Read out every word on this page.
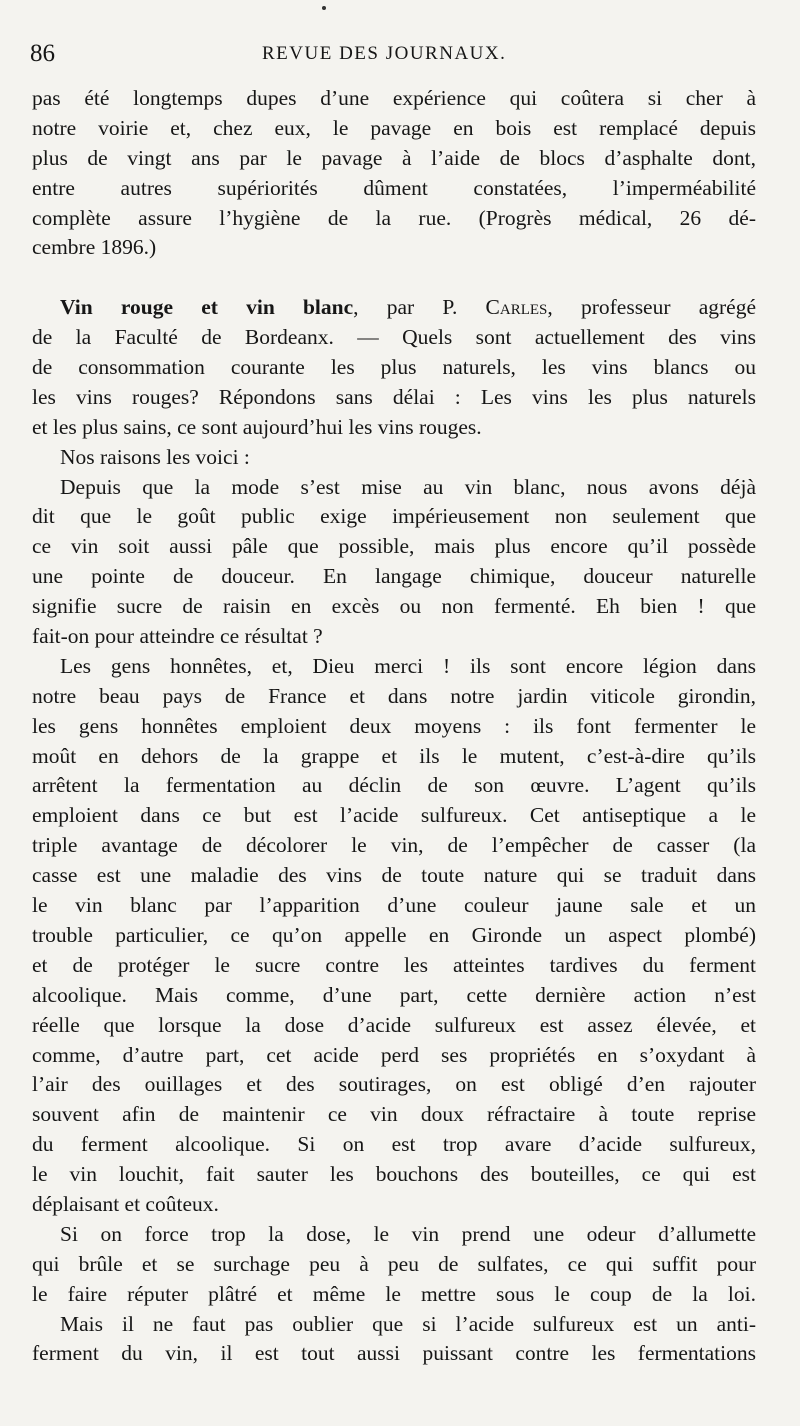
86	REVUE DES JOURNAUX.
pas été longtemps dupes d’une expérience qui coûtera si cher à
notre voirie et, chez eux, le pavage en bois est remplacé depuis
plus de vingt ans par le pavage à l’aide de blocs d’asphalte dont,
entre autres supériorités dûment constatées, l’imperméabilité
complète assure l’hygiène de la rue. (Progrès médical, 26 dé-
cembre 1896.)
Vin rouge et vin blanc, par P. Carles, professeur agrégé
de la Faculté de Bordeanx. — Quels sont actuellement des vins
de consommation courante les plus naturels, les vins blancs ou
les vins rouges? Répondons sans délai : Les vins les plus naturels
et les plus sains, ce sont aujourd’hui les vins rouges.
Nos raisons les voici :
Depuis que la mode s’est mise au vin blanc, nous avons déjà
dit que le goût public exige impérieusement non seulement que
ce vin soit aussi pâle que possible, mais plus encore qu’il possède
une pointe de douceur. En langage chimique, douceur naturelle
signifie sucre de raisin en excès ou non fermenté. Eh bien ! que
fait-on pour atteindre ce résultat ?
Les gens honnêtes, et, Dieu merci ! ils sont encore légion dans
notre beau pays de France et dans notre jardin viticole girondin,
les gens honnêtes emploient deux moyens : ils font fermenter le
moût en dehors de la grappe et ils le mutent, c’est-à-dire qu’ils
arrêtent la fermentation au déclin de son œuvre. L’agent qu’ils
emploient dans ce but est l’acide sulfureux. Cet antiseptique a le
triple avantage de décolorer le vin, de l’empêcher de casser (la
casse est une maladie des vins de toute nature qui se traduit dans
le vin blanc par l’apparition d’une couleur jaune sale et un
trouble particulier, ce qu’on appelle en Gironde un aspect plombé)
et de protéger le sucre contre les atteintes tardives du ferment
alcoolique. Mais comme, d’une part, cette dernière action n’est
réelle que lorsque la dose d’acide sulfureux est assez élevée, et
comme, d’autre part, cet acide perd ses propriétés en s’oxydant à
l’air des ouillages et des soutirages, on est obligé d’en rajouter
souvent afin de maintenir ce vin doux réfractaire à toute reprise
du ferment alcoolique. Si on est trop avare d’acide sulfureux,
le vin louchit, fait sauter les bouchons des bouteilles, ce qui est
déplaisant et coûteux.
Si on force trop la dose, le vin prend une odeur d’allumette
qui brûle et se surchage peu à peu de sulfates, ce qui suffit pour
le faire réputer plâtré et même le mettre sous le coup de la loi.
Mais il ne faut pas oublier que si l’acide sulfureux est un anti-
ferment du vin, il est tout aussi puissant contre les fermentations
